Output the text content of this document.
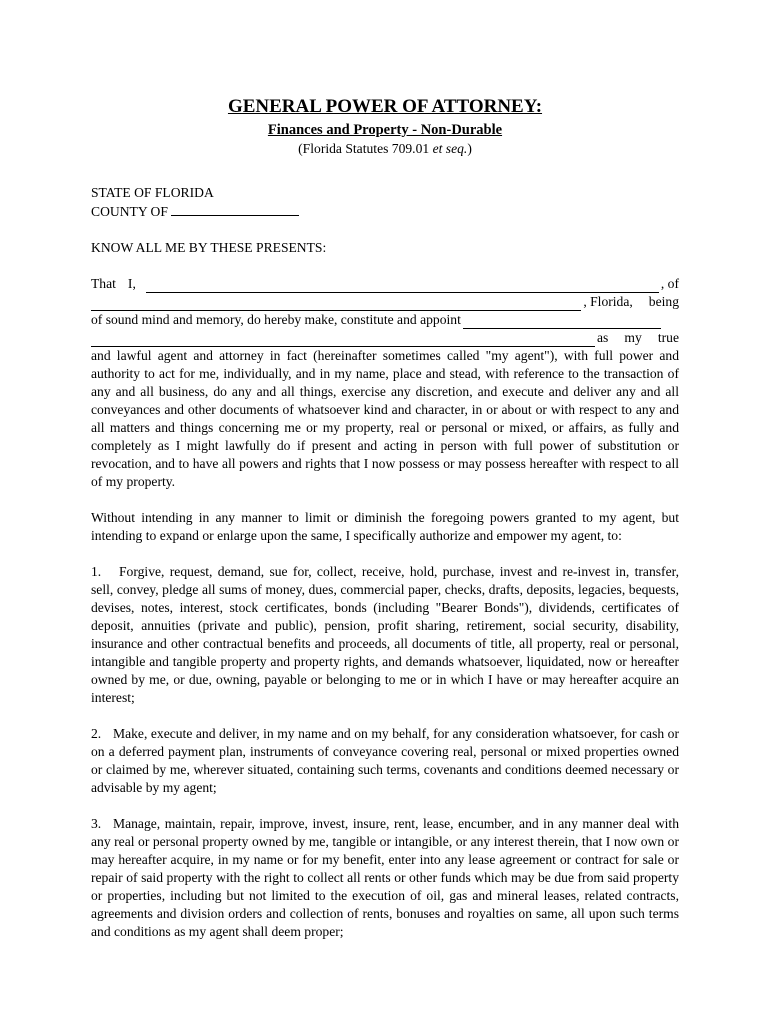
GENERAL POWER OF ATTORNEY:
Finances and Property - Non-Durable
(Florida Statutes 709.01 et seq.)
STATE OF FLORIDA
COUNTY OF
KNOW ALL ME BY THESE PRESENTS:
That I,	, of
, Florida, being
of sound mind and memory, do hereby make, constitute and appoint
as my true

and lawful agent and attorney in fact (hereinafter sometimes called "my agent"), with full power and authority to act for me, individually, and in my name, place and stead, with reference to the transaction of any and all business, do any and all things, exercise any discretion, and execute and deliver any and all conveyances and other documents of whatsoever kind and character, in or about or with respect to any and all matters and things concerning me or my property, real or personal or mixed, or affairs, as fully and completely as I might lawfully do if present and acting in person with full power of substitution or revocation, and to have all powers and rights that I now possess or may possess hereafter with respect to all of my property.

Without intending in any manner to limit or diminish the foregoing powers granted to my agent, but intending to expand or enlarge upon the same, I specifically authorize and empower my agent, to:

1. Forgive, request, demand, sue for, collect, receive, hold, purchase, invest and re-invest in, transfer, sell, convey, pledge all sums of money, dues, commercial paper, checks, drafts, deposits, legacies, bequests, devises, notes, interest, stock certificates, bonds (including "Bearer Bonds"), dividends, certificates of deposit, annuities (private and public), pension, profit sharing, retirement, social security, disability, insurance and other contractual benefits and proceeds, all documents of title, all property, real or personal, intangible and tangible property and property rights, and demands whatsoever, liquidated, now or hereafter owned by me, or due, owning, payable or belonging to me or in which I have or may hereafter acquire an interest;

2. Make, execute and deliver, in my name and on my behalf, for any consideration whatsoever, for cash or on a deferred payment plan, instruments of conveyance covering real, personal or mixed properties owned or claimed by me, wherever situated, containing such terms, covenants and conditions deemed necessary or advisable by my agent;

3. Manage, maintain, repair, improve, invest, insure, rent, lease, encumber, and in any manner deal with any real or personal property owned by me, tangible or intangible, or any interest therein, that I now own or may hereafter acquire, in my name or for my benefit, enter into any lease agreement or contract for sale or repair of said property with the right to collect all rents or other funds which may be due from said property or properties, including but not limited to the execution of oil, gas and mineral leases, related contracts, agreements and division orders and collection of rents, bonuses and royalties on same, all upon such terms and conditions as my agent shall deem proper;
